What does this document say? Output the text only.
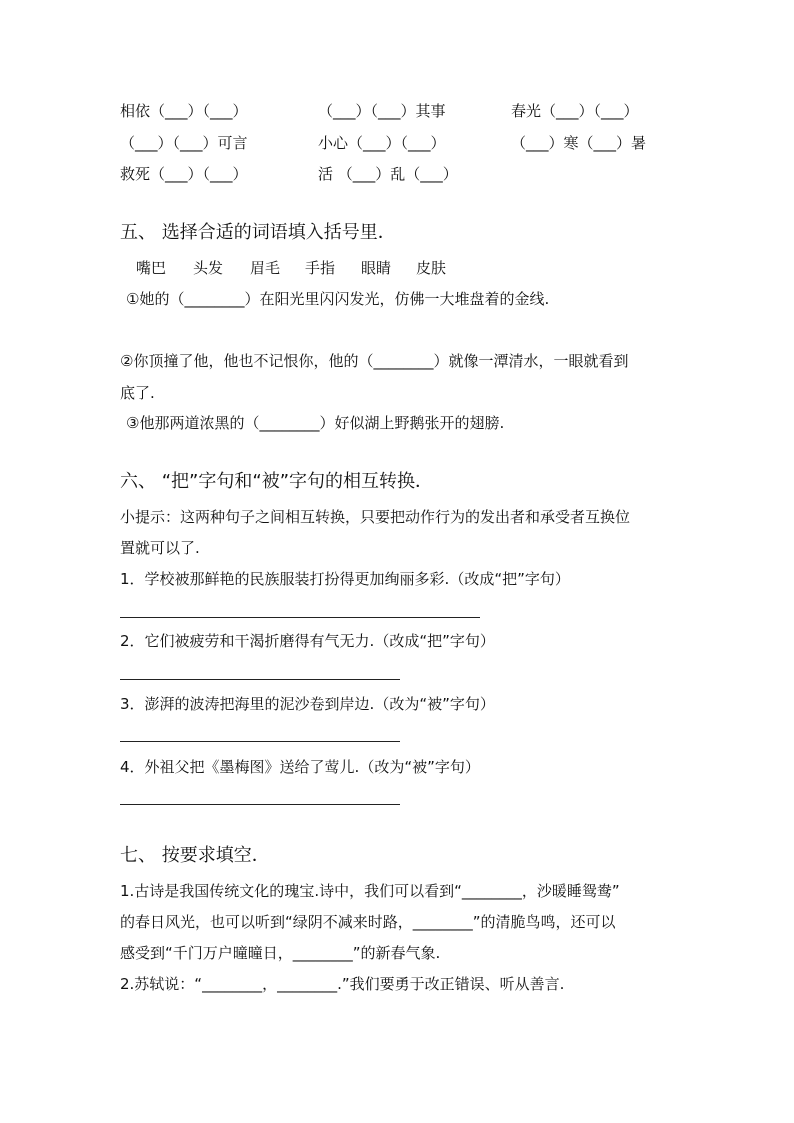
相依（___）（___）	（___）（___）其事	春光（___）（___）
（___）（___）可言	小心（___）（___）	（___）寒（___）暑
救死（___）（___）	活 （___）乱（___）
五、 选择合适的词语填入括号里．
嘴巴 头发 眉毛 手指 眼睛 皮肤
①她的（________）在阳光里闪闪发光，仿佛一大堆盘着的金线.
②你顶撞了他，他也不记恨你，他的（________）就像一潭清水，一眼就看到
底了.
③他那两道浓黑的（________）好似湖上野鹅张开的翅膀.
六、 “把”字句和“被”字句的相互转换．
小提示：这两种句子之间相互转换，只要把动作行为的发出者和承受者互换位
置就可以了.
1．学校被那鲜艳的民族服装打扮得更加绚丽多彩.（改成“把”字句）
2．它们被疲劳和干渴折磨得有气无力.（改成“把”字句）
3．澎湃的波涛把海里的泥沙卷到岸边.（改为“被”字句）
4．外祖父把《墨梅图》送给了莺儿.（改为“被”字句）
七、 按要求填空．
1.古诗是我国传统文化的瑰宝.诗中，我们可以看到“________，沙暖睡鸳鸯”
的春日风光，也可以听到“绿阴不减来时路，________”的清脆鸟鸣，还可以
感受到“千门万户曈曈日，________”的新春气象.
2.苏轼说：“________，________.”我们要勇于改正错误、听从善言.
